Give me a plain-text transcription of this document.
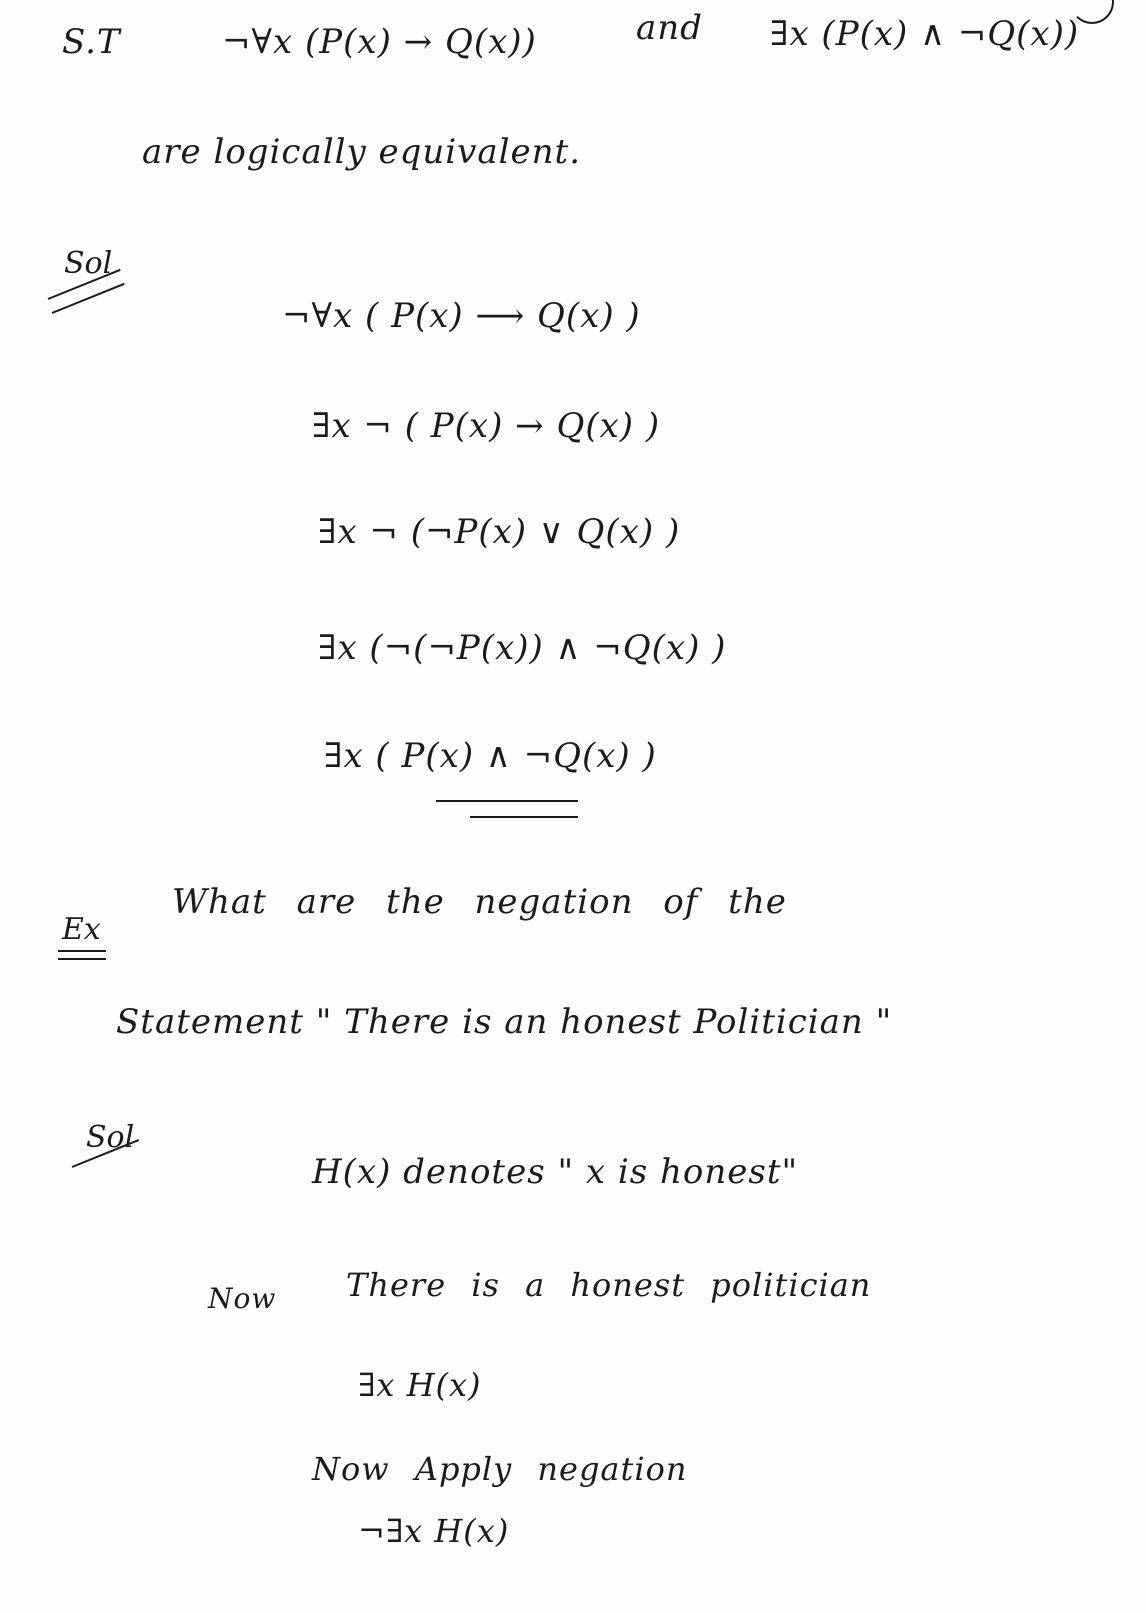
S.T	¬∀x (P(x) → Q(x))	and ∃x (P(x) ∧ ¬Q(x))
are logically equivalent.
Sol
¬∀x ( P(x) ⟶ Q(x) )
∃x ¬ ( P(x) → Q(x) )
∃x ¬ (¬P(x) ∨ Q(x) )
∃x (¬(¬P(x)) ∧ ¬Q(x) )
∃x ( P(x) ∧ ¬Q(x) )
Ex
What are the negation of the
Statement " There is an honest Politician "
Sol
H(x) denotes " x is honest"
Now There is a honest politician
∃x H(x)
Now Apply negation
¬∃x H(x)
